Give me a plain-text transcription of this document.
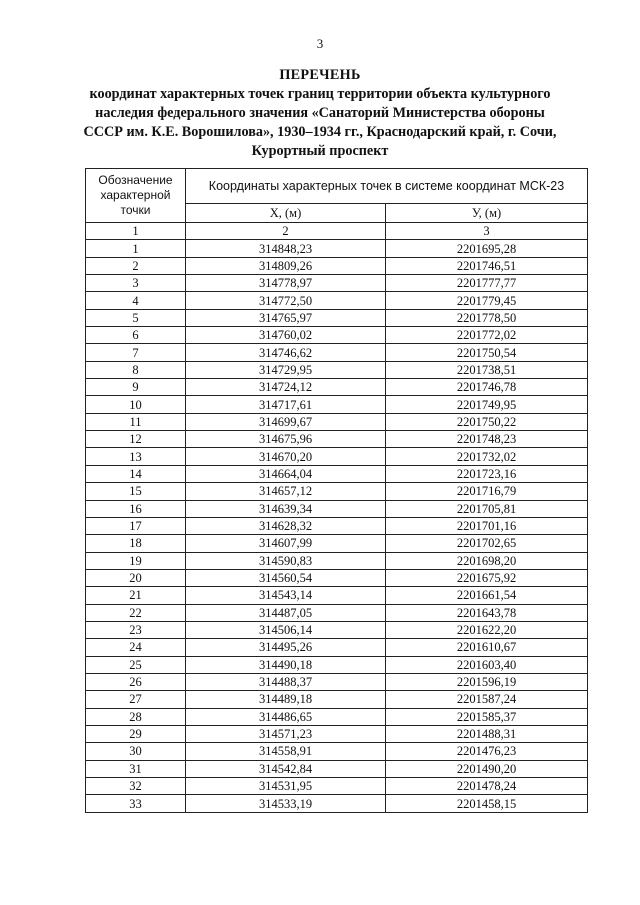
3
ПЕРЕЧЕНЬ
координат характерных точек границ территории объекта культурного
наследия федерального значения «Санаторий Министерства обороны
СССР им. К.Е. Ворошилова», 1930–1934 гг., Краснодарский край, г. Сочи,
Курортный проспект
Обозначение характерной точки	Координаты характерных точек в системе координат МСК-23	
	X, (м)	У, (м)
1	2	3
1	314848,23	2201695,28
2	314809,26	2201746,51
3	314778,97	2201777,77
4	314772,50	2201779,45
5	314765,97	2201778,50
6	314760,02	2201772,02
7	314746,62	2201750,54
8	314729,95	2201738,51
9	314724,12	2201746,78
10	314717,61	2201749,95
11	314699,67	2201750,22
12	314675,96	2201748,23
13	314670,20	2201732,02
14	314664,04	2201723,16
15	314657,12	2201716,79
16	314639,34	2201705,81
17	314628,32	2201701,16
18	314607,99	2201702,65
19	314590,83	2201698,20
20	314560,54	2201675,92
21	314543,14	2201661,54
22	314487,05	2201643,78
23	314506,14	2201622,20
24	314495,26	2201610,67
25	314490,18	2201603,40
26	314488,37	2201596,19
27	314489,18	2201587,24
28	314486,65	2201585,37
29	314571,23	2201488,31
30	314558,91	2201476,23
31	314542,84	2201490,20
32	314531,95	2201478,24
33	314533,19	2201458,15
